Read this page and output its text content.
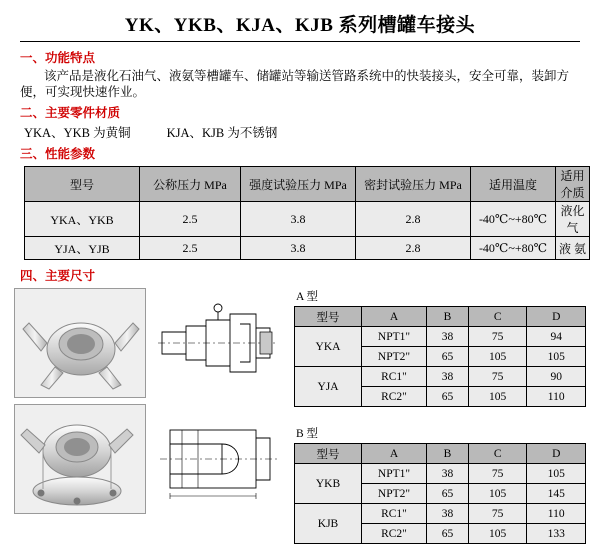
YK、YKB、KJA、KJB 系列槽罐车接头
一、功能特点

该产品是液化石油气、液氨等槽罐车、储罐站等输送管路系统中的快装接头，安全可靠，装卸方便，可实现快速作业。

二、主要零件材质
YKA、YKB 为黄铜	KJA、KJB 为不锈钢
三、性能参数
型号	公称压力 MPa	强度试验压力 MPa	密封试验压力 MPa	适用温度	适用介质
YKA、YKB	2.5	3.8	2.8	-40℃~+80℃	液化气
YJA、YJB	2.5	3.8	2.8	-40℃~+80℃	液 氨
四、主要尺寸
A 型
型号	A	B	C	D
YKA	NPT1"	38	75	94
	NPT2"	65	105	105
YJA	RC1"	38	75	90
	RC2"	65	105	110
B 型
型号	A	B	C	D
YKB	NPT1"	38	75	105
	NPT2"	65	105	145
KJB	RC1"	38	75	110
	RC2"	65	105	133
